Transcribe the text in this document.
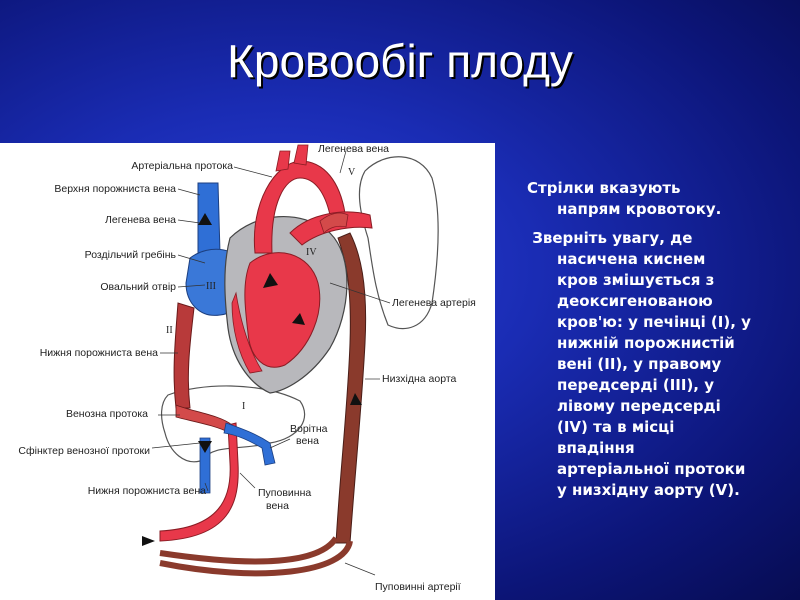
Кровообіг плоду
Артеріальна протока
Верхня порожниста вена
Легенева вена
Роздільчий гребінь
Овальний отвір
Нижня порожниста вена
Венозна протока
Сфінктер венозної протоки
Нижня порожниста вена
Легенева вена
Легенева артерія
Низхідна аорта
Ворітна
вена
Пуповинна
вена
Пуповинні артерії
V
IV
III
II
I

Стрілки вказують
напрям кровотоку.

Зверніть увагу, де
насичена киснем
кров змішується з
деоксигенованою
кров'ю: у печінці (I), у
нижній порожнистій
вені (II), у правому
передсерді (III), у
лівому передсерді
(IV) та в місці
впадіння
артеріальної протоки
у низхідну аорту (V).
